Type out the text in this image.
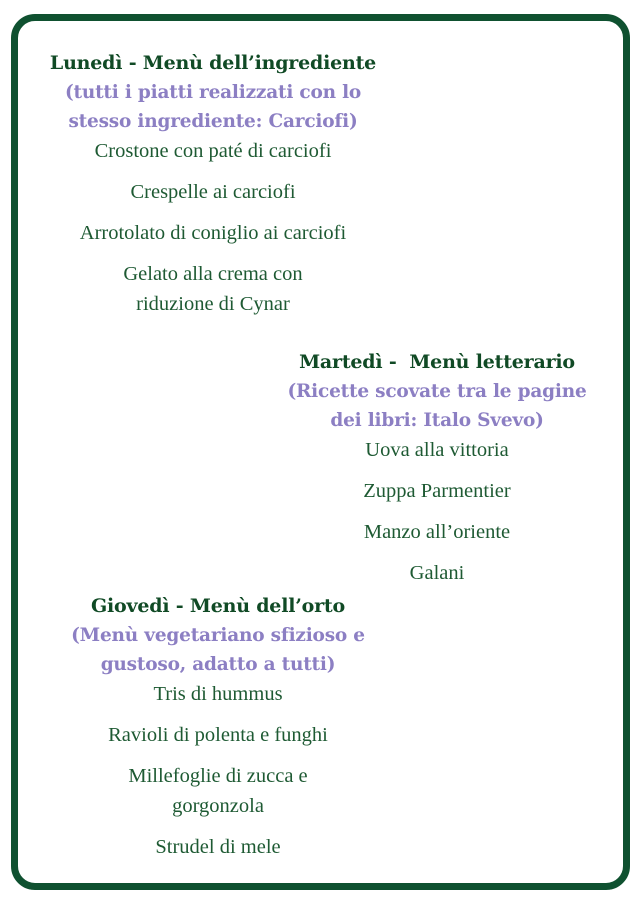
Lunedì - Menù dell’ingrediente
(tutti i piatti realizzati con lo stesso ingrediente: Carciofi)
Crostone con paté di carciofi
Crespelle ai carciofi
Arrotolato di coniglio ai carciofi
Gelato alla crema con riduzione di Cynar
Martedì -  Menù letterario
(Ricette scovate tra le pagine dei libri: Italo Svevo)
Uova alla vittoria
Zuppa Parmentier
Manzo all’oriente
Galani
Giovedì - Menù dell’orto
(Menù vegetariano sfizioso e gustoso, adatto a tutti)
Tris di hummus
Ravioli di polenta e funghi
Millefoglie di zucca e gorgonzola
Strudel di mele
